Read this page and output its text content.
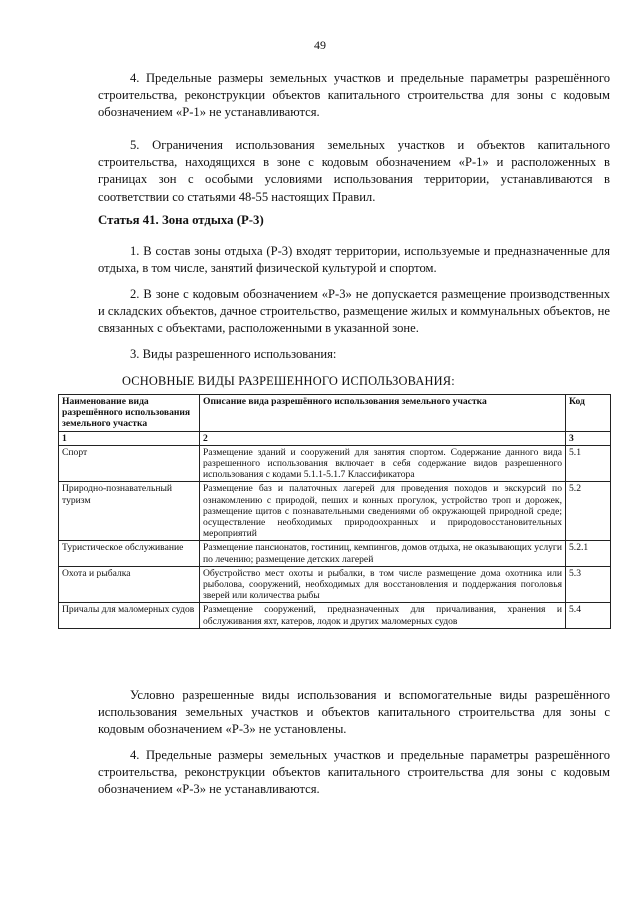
49

4. Предельные размеры земельных участков и предельные параметры разрешённого строительства, реконструкции объектов капитального строительства для зоны с кодовым обозначением «Р-1» не устанавливаются.

5. Ограничения использования земельных участков и объектов капитального строительства, находящихся в зоне с кодовым обозначением «Р-1» и расположенных в границах зон с особыми условиями использования территории, устанавливаются в соответствии со статьями 48-55 настоящих Правил.

Статья 41. Зона отдыха (Р-3)

1. В состав зоны отдыха (Р-3) входят территории, используемые и предназначенные для отдыха, в том числе, занятий физической культурой и спортом.

2. В зоне с кодовым обозначением «Р-3» не допускается размещение производственных и складских объектов, дачное строительство, размещение жилых и коммунальных объектов, не связанных с объектами, расположенными в указанной зоне.

3. Виды разрешенного использования:

ОСНОВНЫЕ ВИДЫ РАЗРЕШЕННОГО ИСПОЛЬЗОВАНИЯ:
Наименование вида разрешённого использования земельного участка	Описание вида разрешённого использования земельного участка	Код
1	2	3
Спорт	Размещение зданий и сооружений для занятия спортом. Содержание данного вида разрешенного использования включает в себя содержание видов разрешенного использования с кодами 5.1.1-5.1.7 Классификатора	5.1
Природно-познавательный туризм	Размещение баз и палаточных лагерей для проведения походов и экскурсий по ознакомлению с природой, пешиx и конных прогулок, устройство троп и дорожек, размещение щитов с познавательными сведениями об окружающей природной среде; осуществление необходимых природоохранных и природовосстановительных мероприятий	5.2
Туристическое обслуживание	Размещение пансионатов, гостиниц, кемпингов, домов отдыха, не оказывающих услуги по лечению; размещение детских лагерей	5.2.1
Охота и рыбалка	Обустройство мест охоты и рыбалки, в том числе размещение дома охотника или рыболова, сооружений, необходимых для восстановления и поддержания поголовья зверей или количества рыбы	5.3
Причалы для маломерных судов	Размещение сооружений, предназначенных для причаливания, хранения и обслуживания яхт, катеров, лодок и других маломерных судов	5.4

Условно разрешенные виды использования и вспомогательные виды разрешённого использования земельных участков и объектов капитального строительства для зоны с кодовым обозначением «Р-3» не установлены.

4. Предельные размеры земельных участков и предельные параметры разрешённого строительства, реконструкции объектов капитального строительства для зоны с кодовым обозначением «Р-3» не устанавливаются.
